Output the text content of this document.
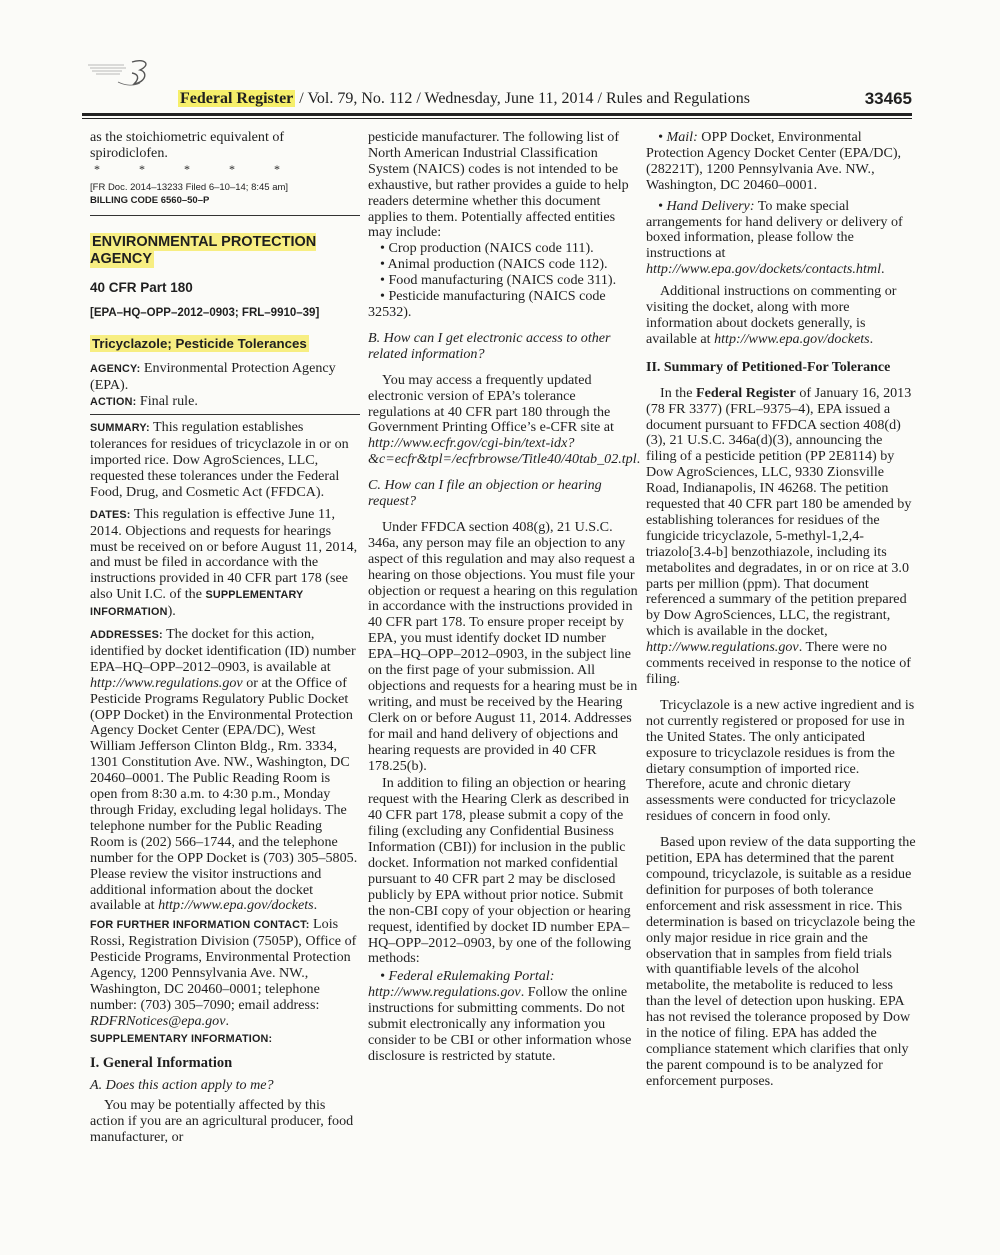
Federal Register / Vol. 79, No. 112 / Wednesday, June 11, 2014 / Rules and Regulations	33465

as the stoichiometric equivalent of spirodiclofen.

* * * * *

[FR Doc. 2014–13233 Filed 6–10–14; 8:45 am]

BILLING CODE 6560–50–P

ENVIRONMENTAL PROTECTION AGENCY
40 CFR Part 180
[EPA–HQ–OPP–2012–0903; FRL–9910–39]
Tricyclazole; Pesticide Tolerances

AGENCY: Environmental Protection Agency (EPA).

ACTION: Final rule.

SUMMARY: This regulation establishes tolerances for residues of tricyclazole in or on imported rice. Dow AgroSciences, LLC, requested these tolerances under the Federal Food, Drug, and Cosmetic Act (FFDCA).

DATES: This regulation is effective June 11, 2014. Objections and requests for hearings must be received on or before August 11, 2014, and must be filed in accordance with the instructions provided in 40 CFR part 178 (see also Unit I.C. of the SUPPLEMENTARY INFORMATION).

ADDRESSES: The docket for this action, identified by docket identification (ID) number EPA–HQ–OPP–2012–0903, is available at http://www.regulations.gov or at the Office of Pesticide Programs Regulatory Public Docket (OPP Docket) in the Environmental Protection Agency Docket Center (EPA/DC), West William Jefferson Clinton Bldg., Rm. 3334, 1301 Constitution Ave. NW., Washington, DC 20460–0001. The Public Reading Room is open from 8:30 a.m. to 4:30 p.m., Monday through Friday, excluding legal holidays. The telephone number for the Public Reading Room is (202) 566–1744, and the telephone number for the OPP Docket is (703) 305–5805. Please review the visitor instructions and additional information about the docket available at http://www.epa.gov/dockets.

FOR FURTHER INFORMATION CONTACT: Lois Rossi, Registration Division (7505P), Office of Pesticide Programs, Environmental Protection Agency, 1200 Pennsylvania Ave. NW., Washington, DC 20460–0001; telephone number: (703) 305–7090; email address: RDFRNotices@epa.gov.

SUPPLEMENTARY INFORMATION:

I. General Information

A. Does this action apply to me?

You may be potentially affected by this action if you are an agricultural producer, food manufacturer, or

pesticide manufacturer. The following list of North American Industrial Classification System (NAICS) codes is not intended to be exhaustive, but rather provides a guide to help readers determine whether this document applies to them. Potentially affected entities may include:

• Crop production (NAICS code 111).

• Animal production (NAICS code 112).

• Food manufacturing (NAICS code 311).

• Pesticide manufacturing (NAICS code 32532).

B. How can I get electronic access to other related information?

You may access a frequently updated electronic version of EPA’s tolerance regulations at 40 CFR part 180 through the Government Printing Office’s e-CFR site at http://www.ecfr.gov/cgi-bin/text-idx?&c=ecfr&tpl=/ecfrbrowse/Title40/40tab_02.tpl.

C. How can I file an objection or hearing request?

Under FFDCA section 408(g), 21 U.S.C. 346a, any person may file an objection to any aspect of this regulation and may also request a hearing on those objections. You must file your objection or request a hearing on this regulation in accordance with the instructions provided in 40 CFR part 178. To ensure proper receipt by EPA, you must identify docket ID number EPA–HQ–OPP–2012–0903, in the subject line on the first page of your submission. All objections and requests for a hearing must be in writing, and must be received by the Hearing Clerk on or before August 11, 2014. Addresses for mail and hand delivery of objections and hearing requests are provided in 40 CFR 178.25(b).

In addition to filing an objection or hearing request with the Hearing Clerk as described in 40 CFR part 178, please submit a copy of the filing (excluding any Confidential Business Information (CBI)) for inclusion in the public docket. Information not marked confidential pursuant to 40 CFR part 2 may be disclosed publicly by EPA without prior notice. Submit the non-CBI copy of your objection or hearing request, identified by docket ID number EPA–HQ–OPP–2012–0903, by one of the following methods:

• Federal eRulemaking Portal: http://www.regulations.gov. Follow the online instructions for submitting comments. Do not submit electronically any information you consider to be CBI or other information whose disclosure is restricted by statute.

• Mail: OPP Docket, Environmental Protection Agency Docket Center (EPA/DC), (28221T), 1200 Pennsylvania Ave. NW., Washington, DC 20460–0001.

• Hand Delivery: To make special arrangements for hand delivery or delivery of boxed information, please follow the instructions at http://www.epa.gov/dockets/contacts.html.

Additional instructions on commenting or visiting the docket, along with more information about dockets generally, is available at http://www.epa.gov/dockets.

II. Summary of Petitioned-For Tolerance

In the Federal Register of January 16, 2013 (78 FR 3377) (FRL–9375–4), EPA issued a document pursuant to FFDCA section 408(d)(3), 21 U.S.C. 346a(d)(3), announcing the filing of a pesticide petition (PP 2E8114) by Dow AgroSciences, LLC, 9330 Zionsville Road, Indianapolis, IN 46268. The petition requested that 40 CFR part 180 be amended by establishing tolerances for residues of the fungicide tricyclazole, 5-methyl-1,2,4-triazolo[3.4-b] benzothiazole, including its metabolites and degradates, in or on rice at 3.0 parts per million (ppm). That document referenced a summary of the petition prepared by Dow AgroSciences, LLC, the registrant, which is available in the docket, http://www.regulations.gov. There were no comments received in response to the notice of filing.

Tricyclazole is a new active ingredient and is not currently registered or proposed for use in the United States. The only anticipated exposure to tricyclazole residues is from the dietary consumption of imported rice. Therefore, acute and chronic dietary assessments were conducted for tricyclazole residues of concern in food only.

Based upon review of the data supporting the petition, EPA has determined that the parent compound, tricyclazole, is suitable as a residue definition for purposes of both tolerance enforcement and risk assessment in rice. This determination is based on tricyclazole being the only major residue in rice grain and the observation that in samples from field trials with quantifiable levels of the alcohol metabolite, the metabolite is reduced to less than the level of detection upon husking. EPA has not revised the tolerance proposed by Dow in the notice of filing. EPA has added the compliance statement which clarifies that only the parent compound is to be analyzed for enforcement purposes.
